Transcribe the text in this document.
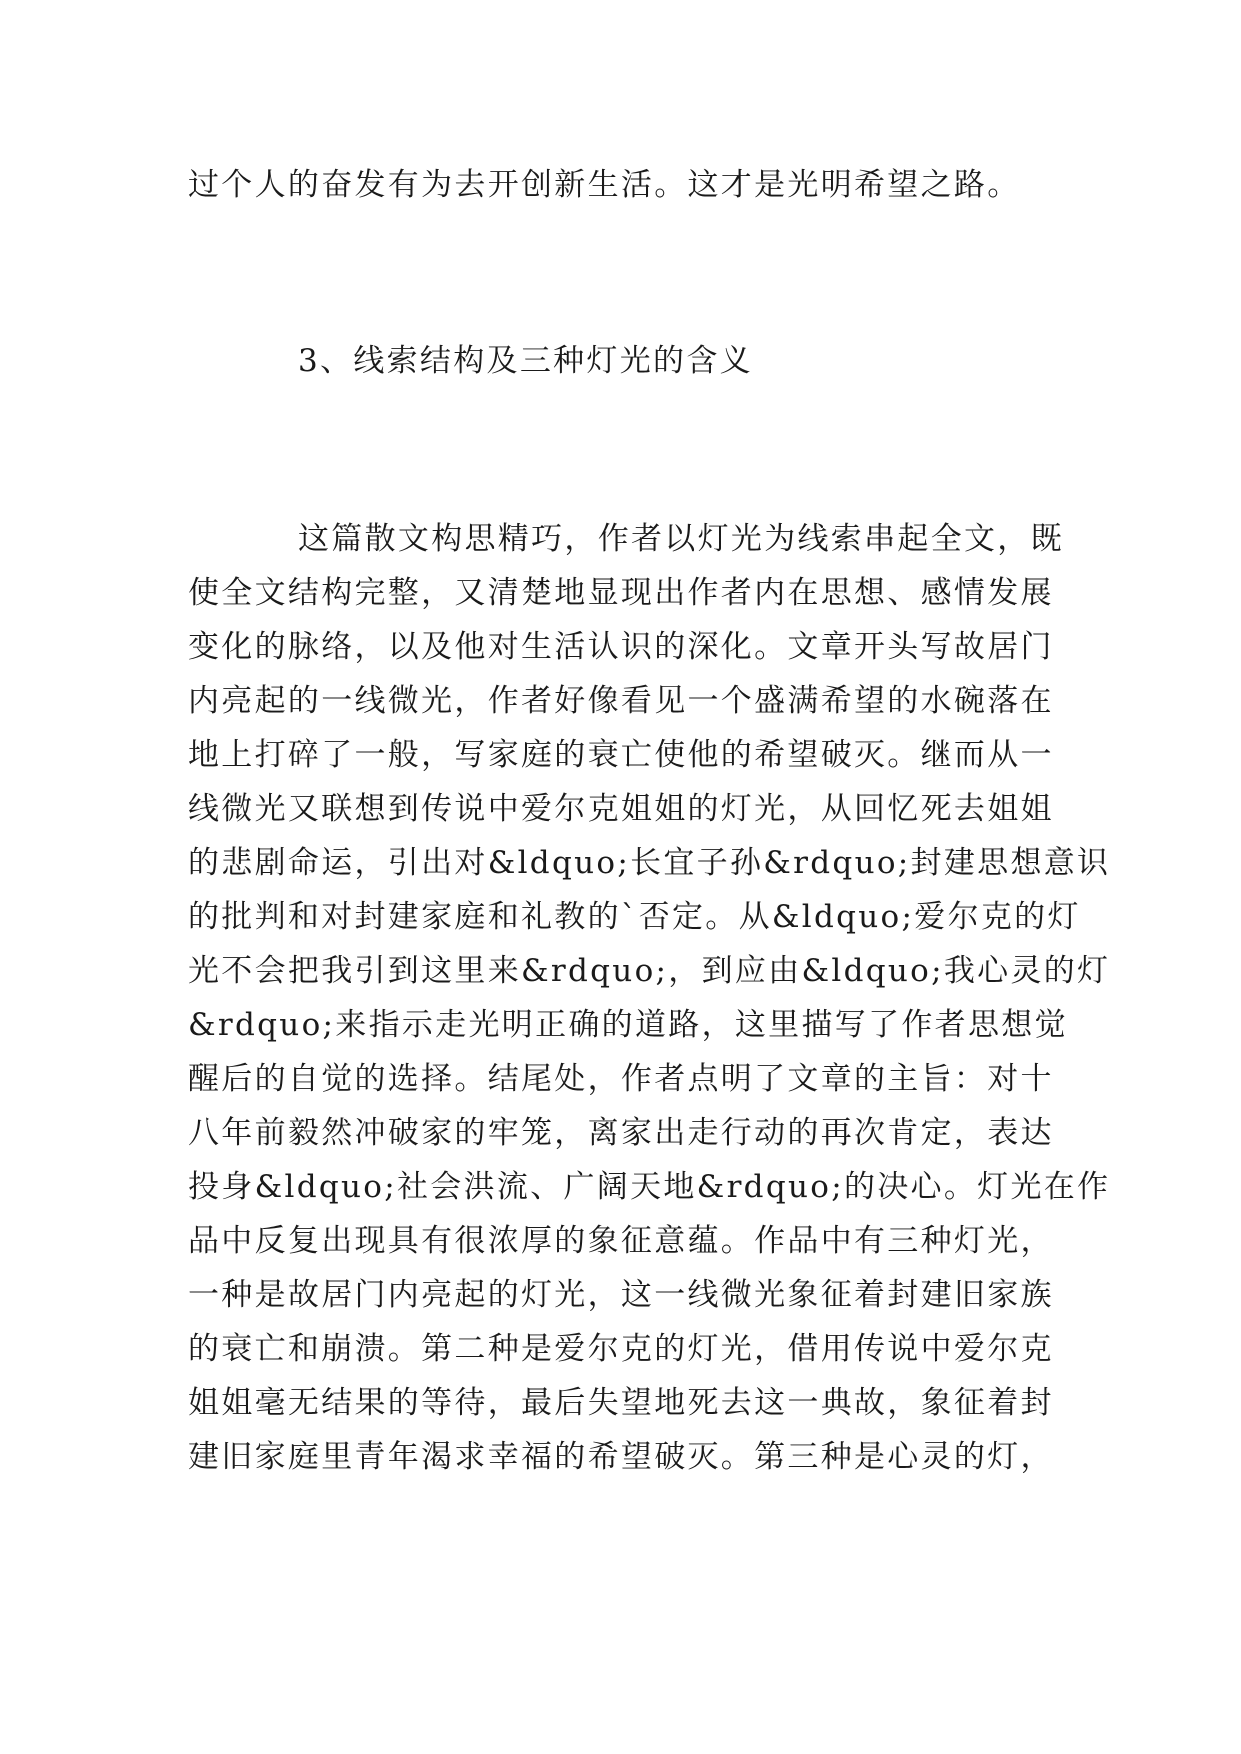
过个人的奋发有为去开创新生活。这才是光明希望之路。
3、线索结构及三种灯光的含义
这篇散文构思精巧，作者以灯光为线索串起全文，既
使全文结构完整，又清楚地显现出作者内在思想、感情发展
变化的脉络，以及他对生活认识的深化。文章开头写故居门
内亮起的一线微光，作者好像看见一个盛满希望的水碗落在
地上打碎了一般，写家庭的衰亡使他的希望破灭。继而从一
线微光又联想到传说中爱尔克姐姐的灯光，从回忆死去姐姐
的悲剧命运，引出对&ldquo;长宜子孙&rdquo;封建思想意识
的批判和对封建家庭和礼教的`否定。从&ldquo;爱尔克的灯
光不会把我引到这里来&rdquo;，到应由&ldquo;我心灵的灯
&rdquo;来指示走光明正确的道路，这里描写了作者思想觉
醒后的自觉的选择。结尾处，作者点明了文章的主旨：对十
八年前毅然冲破家的牢笼，离家出走行动的再次肯定，表达
投身&ldquo;社会洪流、广阔天地&rdquo;的决心。灯光在作
品中反复出现具有很浓厚的象征意蕴。作品中有三种灯光，
一种是故居门内亮起的灯光，这一线微光象征着封建旧家族
的衰亡和崩溃。第二种是爱尔克的灯光，借用传说中爱尔克
姐姐毫无结果的等待，最后失望地死去这一典故，象征着封
建旧家庭里青年渴求幸福的希望破灭。第三种是心灵的灯，
